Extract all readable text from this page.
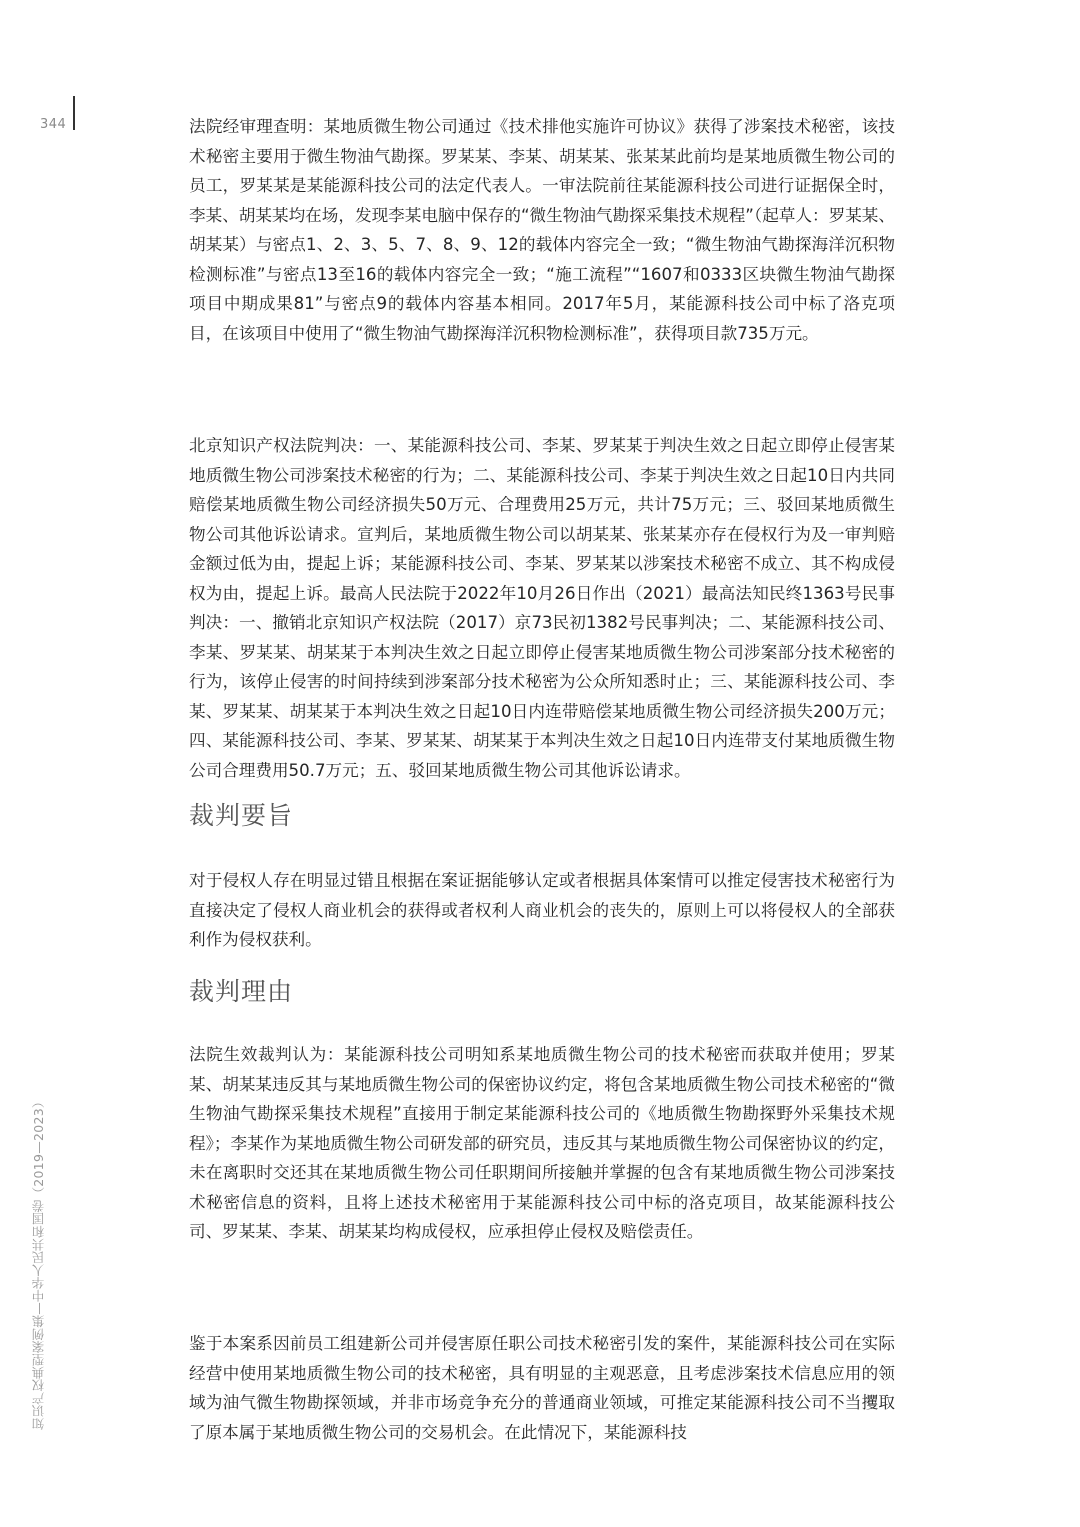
344
知识产权典型案例集—中华人民共和国卷（2019—2023）

法院经审理查明：某地质微生物公司通过《技术排他实施许可协议》获得了涉案技术秘密，该技术秘密主要用于微生物油气勘探。罗某某、李某、胡某某、张某某此前均是某地质微生物公司的员工，罗某某是某能源科技公司的法定代表人。一审法院前往某能源科技公司进行证据保全时，李某、胡某某均在场，发现李某电脑中保存的“微生物油气勘探采集技术规程”（起草人：罗某某、胡某某）与密点1、2、3、5、7、8、9、12的载体内容完全一致；“微生物油气勘探海洋沉积物检测标准”与密点13至16的载体内容完全一致；“施工流程”“1607和0333区块微生物油气勘探项目中期成果81”与密点9的载体内容基本相同。2017年5月，某能源科技公司中标了洛克项目，在该项目中使用了“微生物油气勘探海洋沉积物检测标准”，获得项目款735万元。

北京知识产权法院判决：一、某能源科技公司、李某、罗某某于判决生效之日起立即停止侵害某地质微生物公司涉案技术秘密的行为；二、某能源科技公司、李某于判决生效之日起10日内共同赔偿某地质微生物公司经济损失50万元、合理费用25万元，共计75万元；三、驳回某地质微生物公司其他诉讼请求。宣判后，某地质微生物公司以胡某某、张某某亦存在侵权行为及一审判赔金额过低为由，提起上诉；某能源科技公司、李某、罗某某以涉案技术秘密不成立、其不构成侵权为由，提起上诉。最高人民法院于2022年10月26日作出（2021）最高法知民终1363号民事判决：一、撤销北京知识产权法院（2017）京73民初1382号民事判决；二、某能源科技公司、李某、罗某某、胡某某于本判决生效之日起立即停止侵害某地质微生物公司涉案部分技术秘密的行为，该停止侵害的时间持续到涉案部分技术秘密为公众所知悉时止；三、某能源科技公司、李某、罗某某、胡某某于本判决生效之日起10日内连带赔偿某地质微生物公司经济损失200万元；四、某能源科技公司、李某、罗某某、胡某某于本判决生效之日起10日内连带支付某地质微生物公司合理费用50.7万元；五、驳回某地质微生物公司其他诉讼请求。

裁判要旨

对于侵权人存在明显过错且根据在案证据能够认定或者根据具体案情可以推定侵害技术秘密行为直接决定了侵权人商业机会的获得或者权利人商业机会的丧失的，原则上可以将侵权人的全部获利作为侵权获利。

裁判理由

法院生效裁判认为：某能源科技公司明知系某地质微生物公司的技术秘密而获取并使用；罗某某、胡某某违反其与某地质微生物公司的保密协议约定，将包含某地质微生物公司技术秘密的“微生物油气勘探采集技术规程”直接用于制定某能源科技公司的《地质微生物勘探野外采集技术规程》；李某作为某地质微生物公司研发部的研究员，违反其与某地质微生物公司保密协议的约定，未在离职时交还其在某地质微生物公司任职期间所接触并掌握的包含有某地质微生物公司涉案技术秘密信息的资料，且将上述技术秘密用于某能源科技公司中标的洛克项目，故某能源科技公司、罗某某、李某、胡某某均构成侵权，应承担停止侵权及赔偿责任。

鉴于本案系因前员工组建新公司并侵害原任职公司技术秘密引发的案件，某能源科技公司在实际经营中使用某地质微生物公司的技术秘密，具有明显的主观恶意，且考虑涉案技术信息应用的领域为油气微生物勘探领域，并非市场竞争充分的普通商业领域，可推定某能源科技公司不当攫取了原本属于某地质微生物公司的交易机会。在此情况下，某能源科技
